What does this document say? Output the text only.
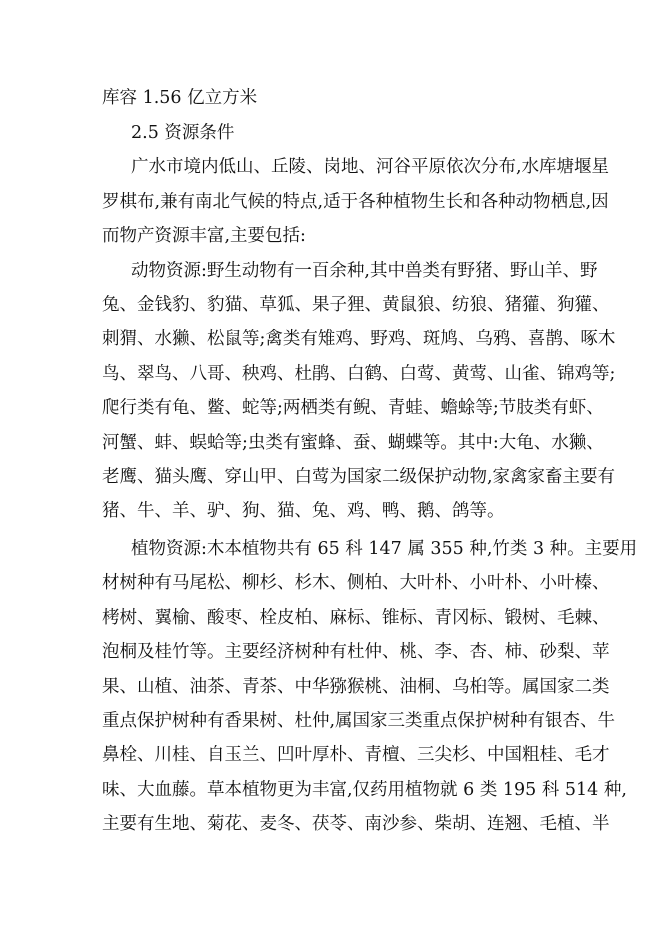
库容 1.56 亿立方米
2.5 资源条件
广水市境内低山、丘陵、岗地、河谷平原依次分布,水库塘堰星
罗棋布,兼有南北气候的特点,适于各种植物生长和各种动物栖息,因
而物产资源丰富,主要包括:
动物资源:野生动物有一百余种,其中兽类有野猪、野山羊、野
兔、金钱豹、豹猫、草狐、果子狸、黄鼠狼、纺狼、猪獾、狗獾、
刺猬、水獭、松鼠等;禽类有雉鸡、野鸡、斑鸠、乌鸦、喜鹊、啄木
鸟、翠鸟、八哥、秧鸡、杜鹃、白鹤、白莺、黄莺、山雀、锦鸡等;
爬行类有龟、鳖、蛇等;两栖类有鲵、青蛙、蟾蜍等;节肢类有虾、
河蟹、蚌、蜈蛤等;虫类有蜜蜂、蚕、蝴蝶等。其中:大龟、水獭、
老鹰、猫头鹰、穿山甲、白莺为国家二级保护动物,家禽家畜主要有
猪、牛、羊、驴、狗、猫、兔、鸡、鸭、鹅、鸽等。
植物资源:木本植物共有 65 科 147 属 355 种,竹类 3 种。主要用
材树种有马尾松、柳杉、杉木、侧柏、大叶朴、小叶朴、小叶榛、
栲树、翼榆、酸枣、栓皮柏、麻标、锥标、青冈标、锻树、毛棘、
泡桐及桂竹等。主要经济树种有杜仲、桃、李、杏、柿、砂梨、苹
果、山植、油茶、青茶、中华猕猴桃、油桐、乌桕等。属国家二类
重点保护树种有香果树、杜仲,属国家三类重点保护树种有银杏、牛
鼻栓、川桂、自玉兰、凹叶厚朴、青檀、三尖杉、中国粗桂、毛才
味、大血藤。草本植物更为丰富,仅药用植物就 6 类 195 科 514 种,
主要有生地、菊花、麦冬、茯苓、南沙参、柴胡、连翘、毛植、半
